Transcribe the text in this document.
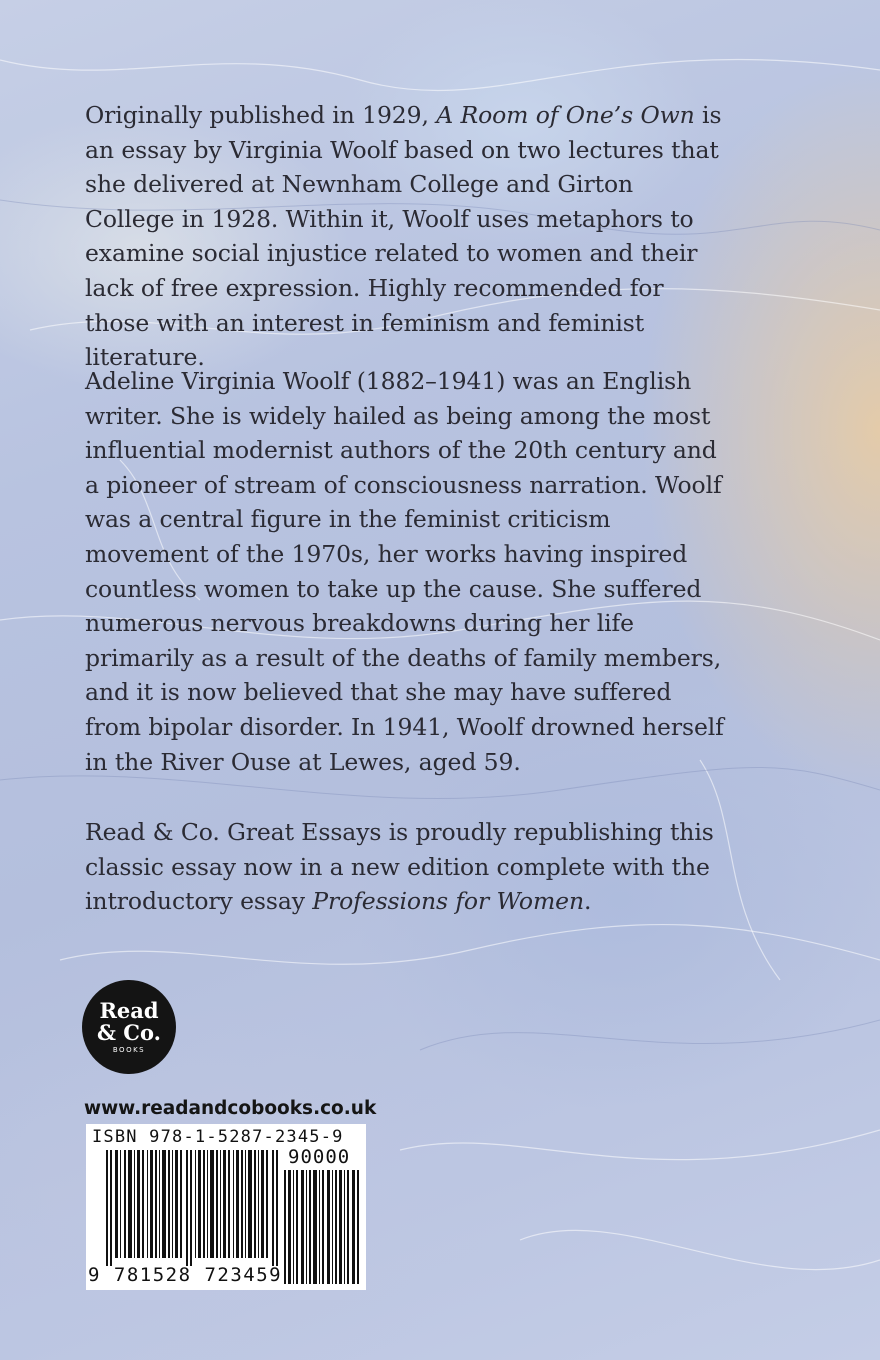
Originally published in 1929, A Room of One’s Own is an essay by Virginia Woolf based on two lectures that she delivered at Newnham College and Girton College in 1928. Within it, Woolf uses metaphors to examine social injustice related to women and their lack of free expression. Highly recommended for those with an interest in feminism and feminist literature.

Adeline Virginia Woolf (1882–1941) was an English writer. She is widely hailed as being among the most influential modernist authors of the 20th century and a pioneer of stream of consciousness narration. Woolf was a central figure in the feminist criticism movement of the 1970s, her works having inspired countless women to take up the cause. She suffered numerous nervous breakdowns during her life primarily as a result of the deaths of family members, and it is now believed that she may have suffered from bipolar disorder. In 1941, Woolf drowned herself in the River Ouse at Lewes, aged 59.

Read & Co. Great Essays is proudly republishing this classic essay now in a new edition complete with the introductory essay Professions for Women.

Read
& Co.
BOOKS
www.readandcobooks.co.uk
ISBN 978-1-5287-2345-9
90000
9 781528 723459
